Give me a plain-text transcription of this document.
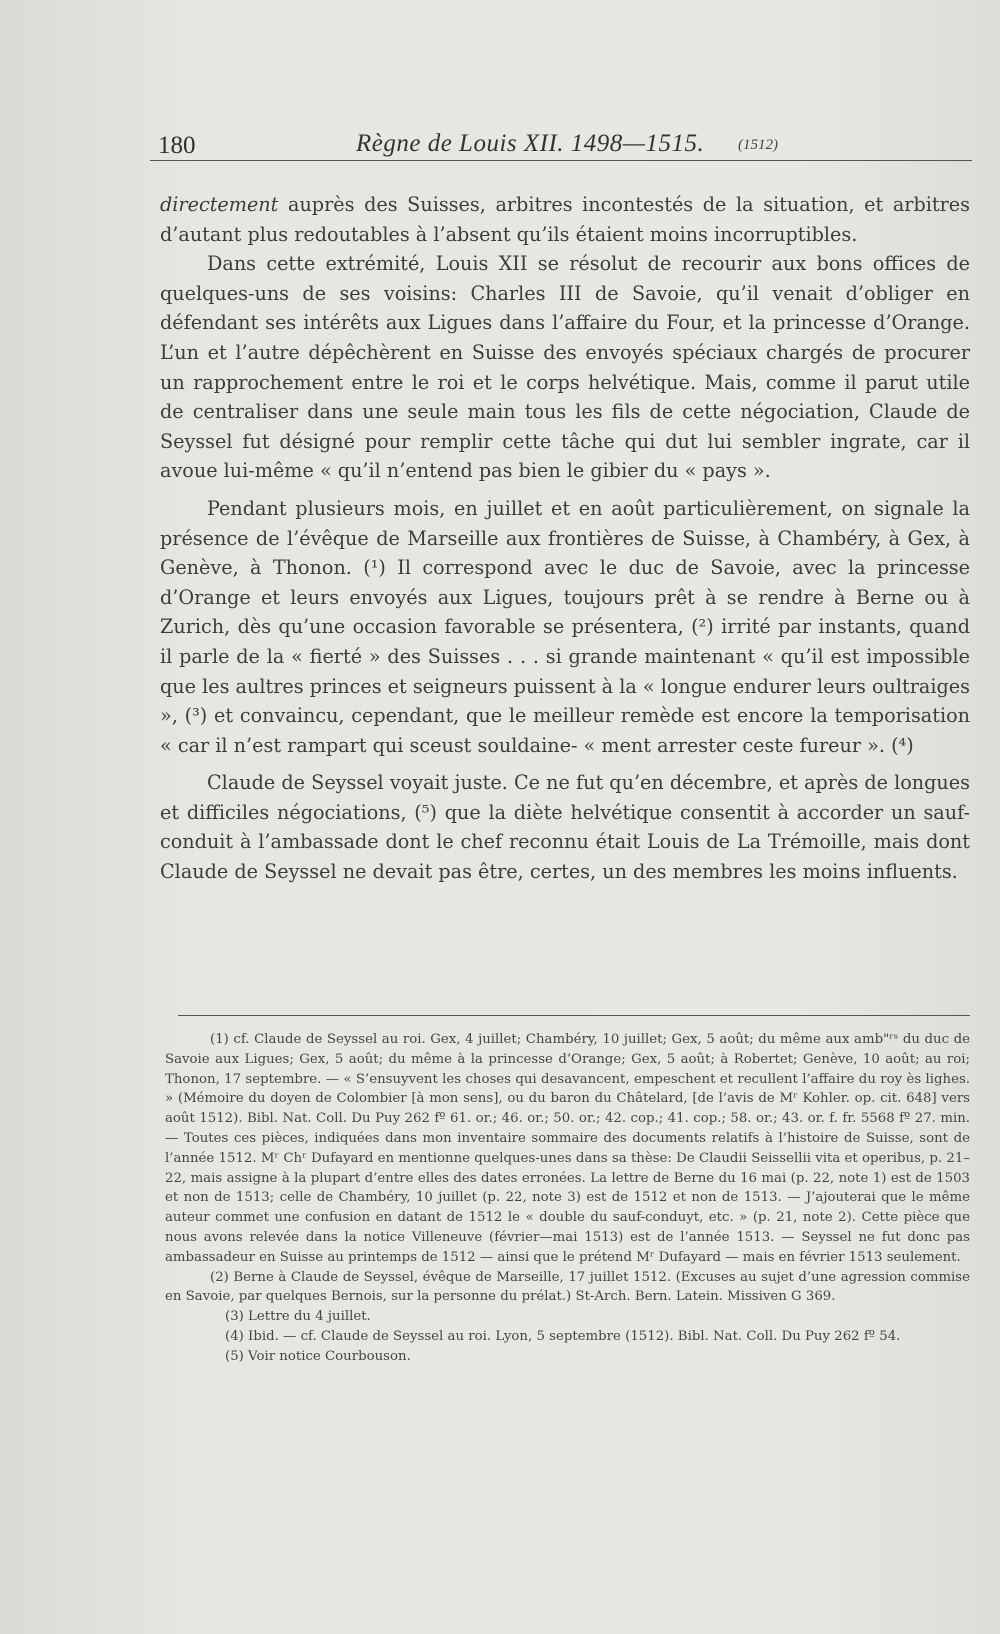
180	Règne de Louis XII. 1498—1515. (1512)

directement auprès des Suisses, arbitres incontestés de la situation, et arbitres d’autant plus redoutables à l’absent qu’ils étaient moins incorruptibles.

Dans cette extrémité, Louis XII se résolut de recourir aux bons offices de quelques-uns de ses voisins: Charles III de Savoie, qu’il venait d’obliger en défendant ses intérêts aux Ligues dans l’affaire du Four, et la princesse d’Orange. L’un et l’autre dépêchèrent en Suisse des envoyés spéciaux chargés de procurer un rapprochement entre le roi et le corps helvétique. Mais, comme il parut utile de centraliser dans une seule main tous les fils de cette négociation, Claude de Seyssel fut désigné pour remplir cette tâche qui dut lui sembler ingrate, car il avoue lui-même « qu’il n’entend pas bien le gibier du « pays ».

Pendant plusieurs mois, en juillet et en août particulièrement, on signale la présence de l’évêque de Marseille aux frontières de Suisse, à Chambéry, à Gex, à Genève, à Thonon. (¹) Il correspond avec le duc de Savoie, avec la princesse d’Orange et leurs envoyés aux Ligues, toujours prêt à se rendre à Berne ou à Zurich, dès qu’une occasion favorable se présentera, (²) irrité par instants, quand il parle de la « fierté » des Suisses . . . si grande maintenant « qu’il est impossible que les aultres princes et seigneurs puissent à la « longue endurer leurs oultraiges », (³) et convaincu, cependant, que le meilleur remède est encore la temporisation « car il n’est rampart qui sceust souldaine- « ment arrester ceste fureur ». (⁴)

Claude de Seyssel voyait juste. Ce ne fut qu’en décembre, et après de longues et difficiles négociations, (⁵) que la diète helvétique consentit à accorder un sauf-conduit à l’ambassade dont le chef reconnu était Louis de La Trémoille, mais dont Claude de Seyssel ne devait pas être, certes, un des membres les moins influents.

(1) cf. Claude de Seyssel au roi. Gex, 4 juillet; Chambéry, 10 juillet; Gex, 5 août; du même aux amb"ʳˢ du duc de Savoie aux Ligues; Gex, 5 août; du même à la princesse d’Orange; Gex, 5 août; à Robertet; Genève, 10 août; au roi; Thonon, 17 septembre. — « S’ensuyvent les choses qui desavancent, empeschent et recullent l’affaire du roy ès lighes. » (Mémoire du doyen de Colombier [à mon sens], ou du baron du Châtelard, [de l’avis de Mʳ Kohler. op. cit. 648] vers août 1512). Bibl. Nat. Coll. Du Puy 262 fº 61. or.; 46. or.; 50. or.; 42. cop.; 41. cop.; 58. or.; 43. or. f. fr. 5568 fº 27. min. — Toutes ces pièces, indiquées dans mon inventaire sommaire des documents relatifs à l’histoire de Suisse, sont de l’année 1512. Mʳ Chʳ Dufayard en mentionne quelques-unes dans sa thèse: De Claudii Seissellii vita et operibus, p. 21–22, mais assigne à la plupart d’entre elles des dates erronées. La lettre de Berne du 16 mai (p. 22, note 1) est de 1503 et non de 1513; celle de Chambéry, 10 juillet (p. 22, note 3) est de 1512 et non de 1513. — J’ajouterai que le même auteur commet une confusion en datant de 1512 le « double du sauf-conduyt, etc. » (p. 21, note 2). Cette pièce que nous avons relevée dans la notice Villeneuve (février—mai 1513) est de l’année 1513. — Seyssel ne fut donc pas ambassadeur en Suisse au printemps de 1512 — ainsi que le prétend Mʳ Dufayard — mais en février 1513 seulement.

(2) Berne à Claude de Seyssel, évêque de Marseille, 17 juillet 1512. (Excuses au sujet d’une agression commise en Savoie, par quelques Bernois, sur la personne du prélat.) St-Arch. Bern. Latein. Missiven G 369.

(3) Lettre du 4 juillet.

(4) Ibid. — cf. Claude de Seyssel au roi. Lyon, 5 septembre (1512). Bibl. Nat. Coll. Du Puy 262 fº 54.

(5) Voir notice Courbouson.
